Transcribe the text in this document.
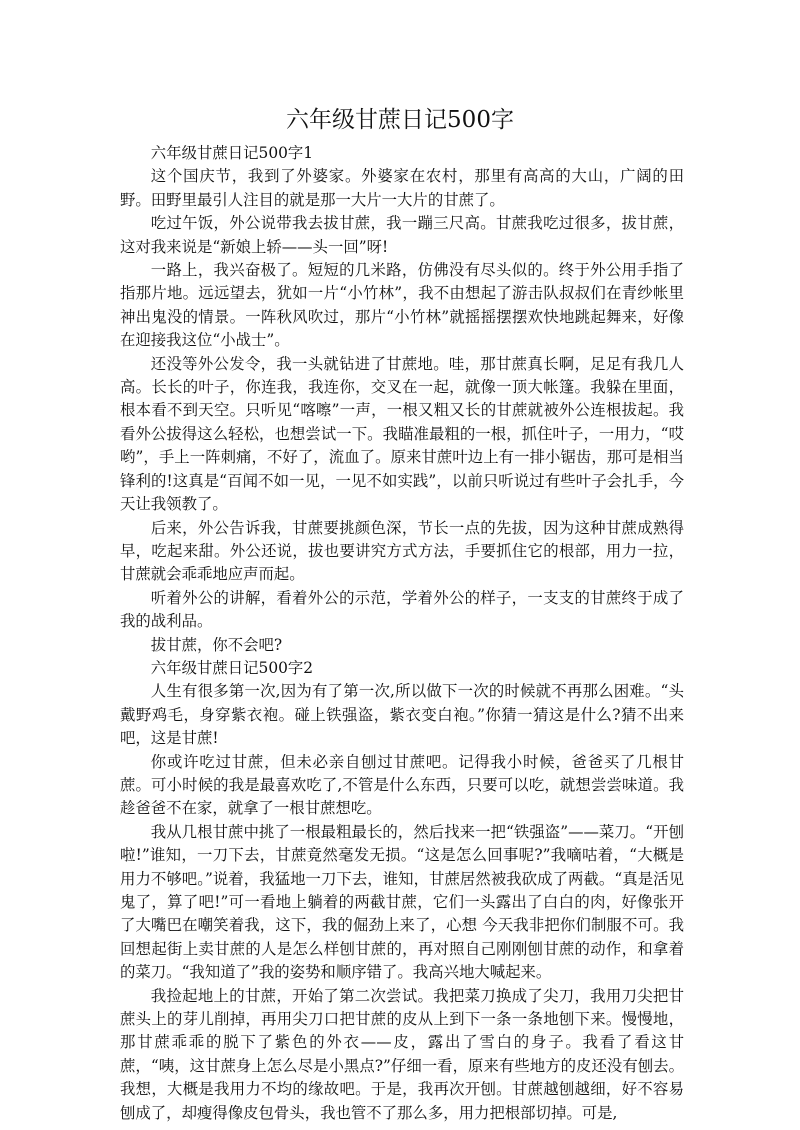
六年级甘蔗日记500字

六年级甘蔗日记500字1

这个国庆节，我到了外婆家。外婆家在农村，那里有高高的大山，广阔的田野。田野里最引人注目的就是那一大片一大片的甘蔗了。

吃过午饭，外公说带我去拔甘蔗，我一蹦三尺高。甘蔗我吃过很多，拔甘蔗，这对我来说是“新娘上轿——头一回”呀!

一路上，我兴奋极了。短短的几米路，仿佛没有尽头似的。终于外公用手指了指那片地。远远望去，犹如一片“小竹林”，我不由想起了游击队叔叔们在青纱帐里神出鬼没的情景。一阵秋风吹过，那片“小竹林”就摇摇摆摆欢快地跳起舞来，好像在迎接我这位“小战士”。

还没等外公发令，我一头就钻进了甘蔗地。哇，那甘蔗真长啊，足足有我几人高。长长的叶子，你连我，我连你，交叉在一起，就像一顶大帐篷。我躲在里面，根本看不到天空。只听见“喀嚓”一声，一根又粗又长的甘蔗就被外公连根拔起。我看外公拔得这么轻松，也想尝试一下。我瞄准最粗的一根，抓住叶子，一用力，“哎哟”，手上一阵刺痛，不好了，流血了。原来甘蔗叶边上有一排小锯齿，那可是相当锋利的!这真是“百闻不如一见，一见不如实践”，以前只听说过有些叶子会扎手，今天让我领教了。

后来，外公告诉我，甘蔗要挑颜色深，节长一点的先拔，因为这种甘蔗成熟得早，吃起来甜。外公还说，拔也要讲究方式方法，手要抓住它的根部，用力一拉，甘蔗就会乖乖地应声而起。

听着外公的讲解，看着外公的示范，学着外公的样子，一支支的甘蔗终于成了我的战利品。

拔甘蔗，你不会吧?

六年级甘蔗日记500字2

人生有很多第一次,因为有了第一次,所以做下一次的时候就不再那么困难。“头戴野鸡毛，身穿紫衣袍。碰上铁强盗，紫衣变白袍。”你猜一猜这是什么?猜不出来吧，这是甘蔗!

你或许吃过甘蔗，但未必亲自刨过甘蔗吧。记得我小时候，爸爸买了几根甘蔗。可小时候的我是最喜欢吃了,不管是什么东西，只要可以吃，就想尝尝味道。我趁爸爸不在家，就拿了一根甘蔗想吃。

我从几根甘蔗中挑了一根最粗最长的，然后找来一把“铁强盗”——菜刀。“开刨啦!”谁知，一刀下去，甘蔗竟然毫发无损。“这是怎么回事呢?”我嘀咕着，“大概是用力不够吧。”说着，我猛地一刀下去，谁知，甘蔗居然被我砍成了两截。“真是活见鬼了，算了吧!”可一看地上躺着的两截甘蔗，它们一头露出了白白的肉，好像张开了大嘴巴在嘲笑着我，这下，我的倔劲上来了，心想 今天我非把你们制服不可。我回想起街上卖甘蔗的人是怎么样刨甘蔗的，再对照自己刚刚刨甘蔗的动作，和拿着的菜刀。“我知道了”我的姿势和顺序错了。我高兴地大喊起来。

我捡起地上的甘蔗，开始了第二次尝试。我把菜刀换成了尖刀，我用刀尖把甘蔗头上的芽儿削掉，再用尖刀口把甘蔗的皮从上到下一条一条地刨下来。慢慢地，那甘蔗乖乖的脱下了紫色的外衣——皮，露出了雪白的身子。我看了看这甘蔗，“咦，这甘蔗身上怎么尽是小黑点?”仔细一看，原来有些地方的皮还没有刨去。我想，大概是我用力不均的缘故吧。于是，我再次开刨。甘蔗越刨越细，好不容易刨成了，却瘦得像皮包骨头，我也管不了那么多，用力把根部切掉。可是,
